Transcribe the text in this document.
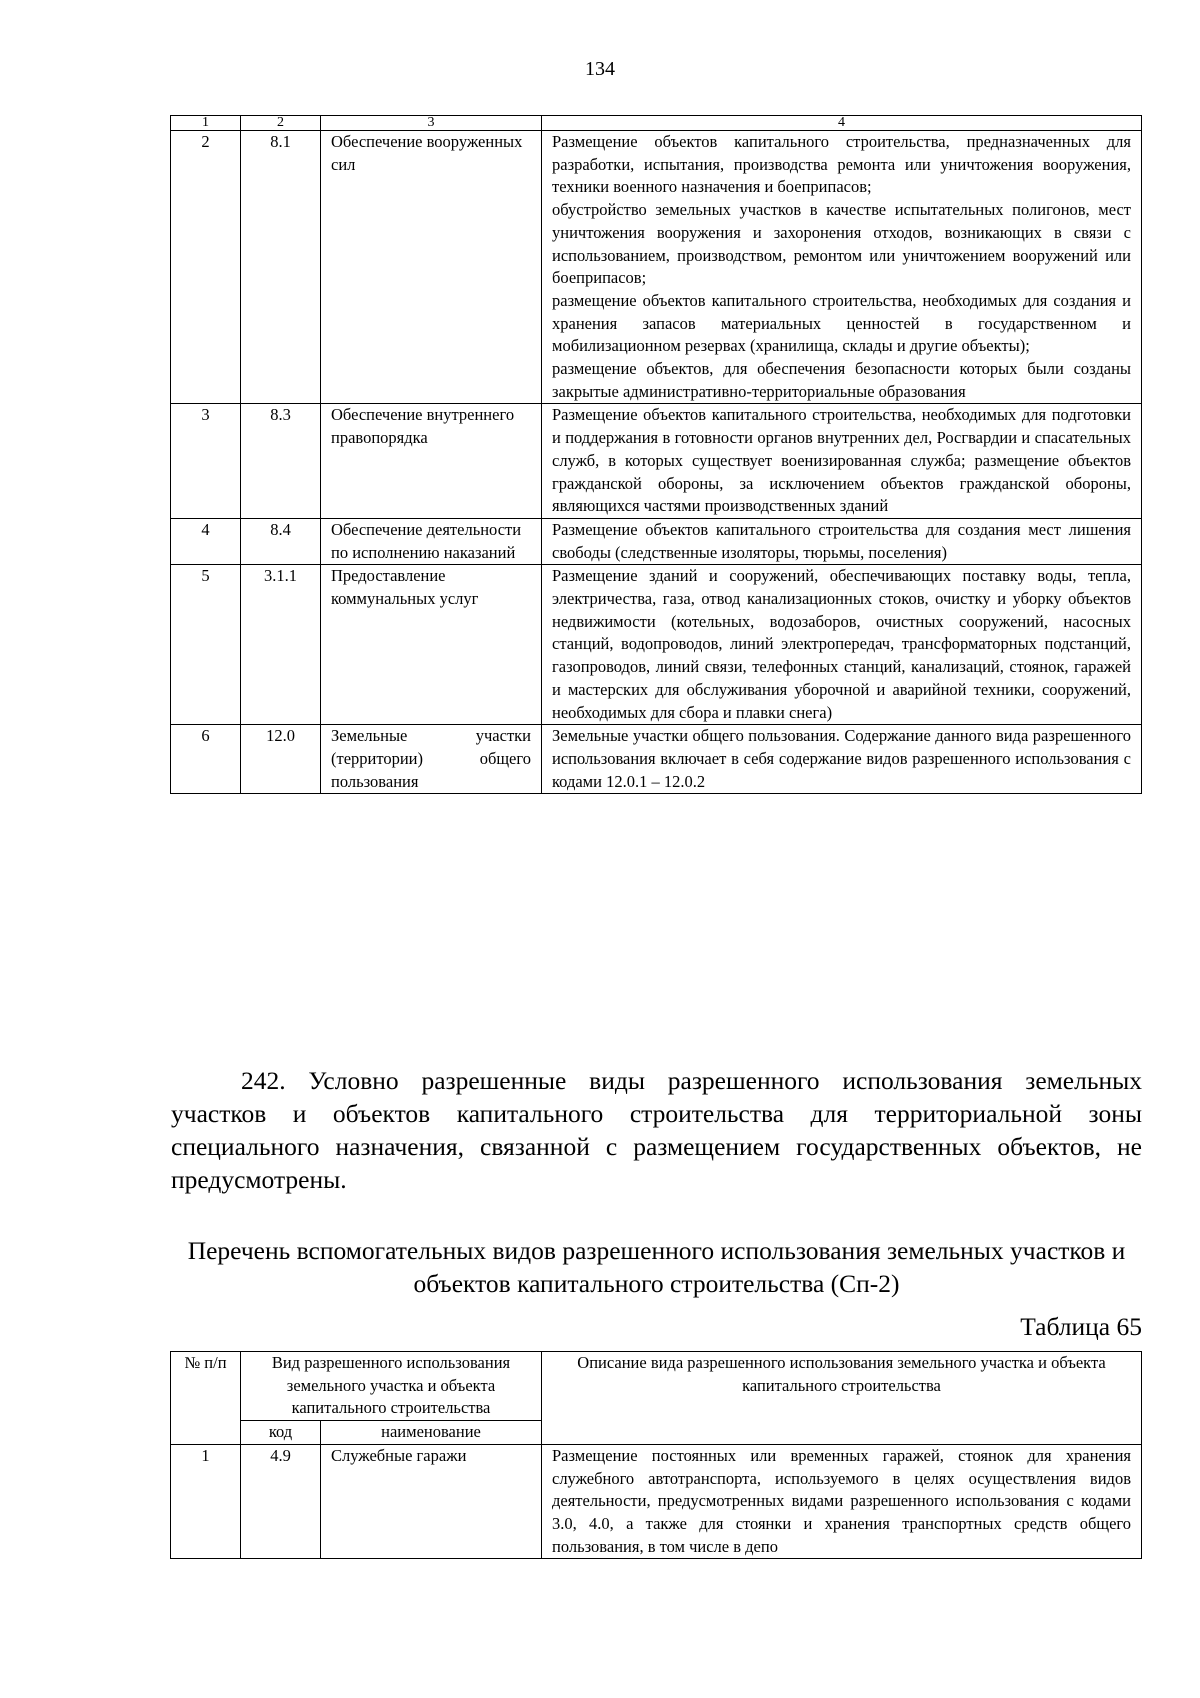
134
1	2	3	4
2	8.1	Обеспечение вооруженных сил	Размещение объектов капитального строительства, предназначенных для разработки, испытания, производства ремонта или уничтожения вооружения, техники военного назначения и боеприпасов;
обустройство земельных участков в качестве испытательных полигонов, мест уничтожения вооружения и захоронения отходов, возникающих в связи с использованием, производством, ремонтом или уничтожением вооружений или боеприпасов;
размещение объектов капитального строительства, необходимых для создания и хранения запасов материальных ценностей в государственном и мобилизационном резервах (хранилища, склады и другие объекты);
размещение объектов, для обеспечения безопасности которых были созданы закрытые административно-территориальные образования

3	8.3	Обеспечение внутреннего правопорядка	Размещение объектов капитального строительства, необходимых для подготовки и поддержания в готовности органов внутренних дел, Росгвардии и спасательных служб, в которых существует военизированная служба; размещение объектов гражданской обороны, за исключением объектов гражданской обороны, являющихся частями производственных зданий
4	8.4	Обеспечение деятельности по исполнению наказаний	Размещение объектов капитального строительства для создания мест лишения свободы (следственные изоляторы, тюрьмы, поселения)
5	3.1.1	Предоставление коммунальных услуг	Размещение зданий и сооружений, обеспечивающих поставку воды, тепла, электричества, газа, отвод канализационных стоков, очистку и уборку объектов недвижимости (котельных, водозаборов, очистных сооружений, насосных станций, водопроводов, линий электропередач, трансформаторных подстанций, газопроводов, линий связи, телефонных станций, канализаций, стоянок, гаражей и мастерских для обслуживания уборочной и аварийной техники, сооружений, необходимых для сбора и плавки снега)
6	12.0	Земельные участки (территории) общего пользования	Земельные участки общего пользования. Содержание данного вида разрешенного использования включает в себя содержание видов разрешенного использования с кодами 12.0.1 – 12.0.2
242. Условно разрешенные виды разрешенного использования земельных участков и объектов капитального строительства для территориальной зоны специального назначения, связанной с размещением государственных объектов, не предусмотрены.
Перечень вспомогательных видов разрешенного использования земельных участков и объектов капитального строительства (Сп-2)
Таблица 65
№ п/п	Вид разрешенного использования земельного участка и объекта капитального строительства		Описание вида разрешенного использования земельного участка и объекта капитального строительства
	код	наименование	
1	4.9	Служебные гаражи	Размещение постоянных или временных гаражей, стоянок для хранения служебного автотранспорта, используемого в целях осуществления видов деятельности, предусмотренных видами разрешенного использования с кодами 3.0, 4.0, а также для стоянки и хранения транспортных средств общего пользования, в том числе в депо
